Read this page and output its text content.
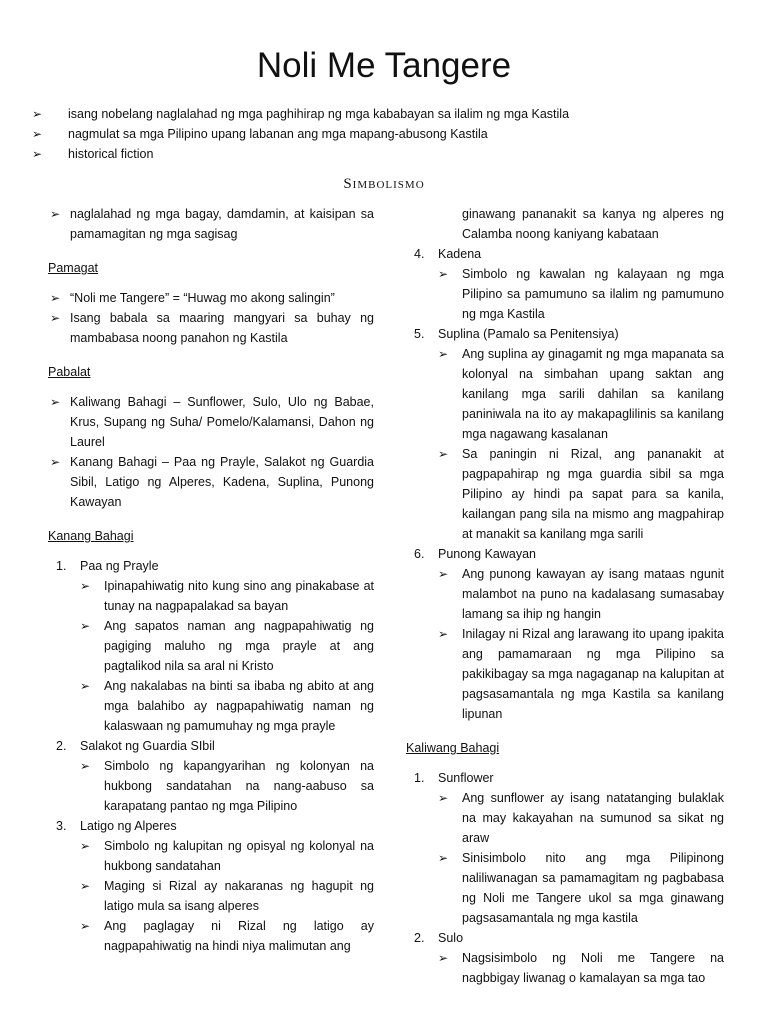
Noli Me Tangere
➢	isang nobelang naglalahad ng mga paghihirap ng mga kababayan sa ilalim ng mga Kastila
➢	nagmulat sa mga Pilipino upang labanan ang mga mapang-abusong Kastila
➢	historical fiction
Simbolismo
➢ naglalahad ng mga bagay, damdamin, at kaisipan sa pamamagitan ng mga sagisag
Pamagat
➢ “Noli me Tangere” = “Huwag mo akong salingin”
➢ Isang babala sa maaring mangyari sa buhay ng mambabasa noong panahon ng Kastila
Pabalat
➢ Kaliwang Bahagi – Sunflower, Sulo, Ulo ng Babae, Krus, Supang ng Suha/ Pomelo/Kalamansi, Dahon ng Laurel
➢ Kanang Bahagi – Paa ng Prayle, Salakot ng Guardia Sibil, Latigo ng Alperes, Kadena, Suplina, Punong Kawayan
Kanang Bahagi
1. Paa ng Prayle
➢	Ipinapahiwatig nito kung sino ang pinakabase at tunay na nagpapalakad sa bayan
➢	Ang sapatos naman ang nagpapahiwatig ng pagiging maluho ng mga prayle at ang pagtalikod nila sa aral ni Kristo
➢	Ang nakalabas na binti sa ibaba ng abito at ang mga balahibo ay nagpapahiwatig naman ng kalaswaan ng pamumuhay ng mga prayle
2. Salakot ng Guardia SIbil
➢	Simbolo ng kapangyarihan ng kolonyan na hukbong sandatahan na nang-aabuso sa karapatang pantao ng mga Pilipino
3. Latigo ng Alperes
➢	Simbolo ng kalupitan ng opisyal ng kolonyal na hukbong sandatahan
➢	Maging si Rizal ay nakaranas ng hagupit ng latigo mula sa isang alperes
➢	Ang paglagay ni Rizal ng latigo ay nagpapahiwatig na hindi niya malimutan ang
ginawang pananakit sa kanya ng alperes ng Calamba noong kaniyang kabataan
4. Kadena
➢	Simbolo ng kawalan ng kalayaan ng mga Pilipino sa pamumuno sa ilalim ng pamumuno ng mga Kastila
5. Suplina (Pamalo sa Penitensiya)
➢	Ang suplina ay ginagamit ng mga mapanata sa kolonyal na simbahan upang saktan ang kanilang mga sarili dahilan sa kanilang paniniwala na ito ay makapaglilinis sa kanilang mga nagawang kasalanan
➢	Sa paningin ni Rizal, ang pananakit at pagpapahirap ng mga guardia sibil sa mga Pilipino ay hindi pa sapat para sa kanila, kailangan pang sila na mismo ang magpahirap at manakit sa kanilang mga sarili
6. Punong Kawayan
➢	Ang punong kawayan ay isang mataas ngunit malambot na puno na kadalasang sumasabay lamang sa ihip ng hangin
➢	Inilagay ni Rizal ang larawang ito upang ipakita ang pamamaraan ng mga Pilipino sa pakikibagay sa mga nagaganap na kalupitan at pagsasamantala ng mga Kastila sa kanilang lipunan
Kaliwang Bahagi
1. Sunflower
➢	Ang sunflower ay isang natatanging bulaklak na may kakayahan na sumunod sa sikat ng araw
➢	Sinisimbolo nito ang mga Pilipinong naliliwanagan sa pamamagitam ng pagbabasa ng Noli me Tangere ukol sa mga ginawang pagsasamantala ng mga kastila
2. Sulo
➢	Nagsisimbolo ng Noli me Tangere na nagbbigay liwanag o kamalayan sa mga tao
